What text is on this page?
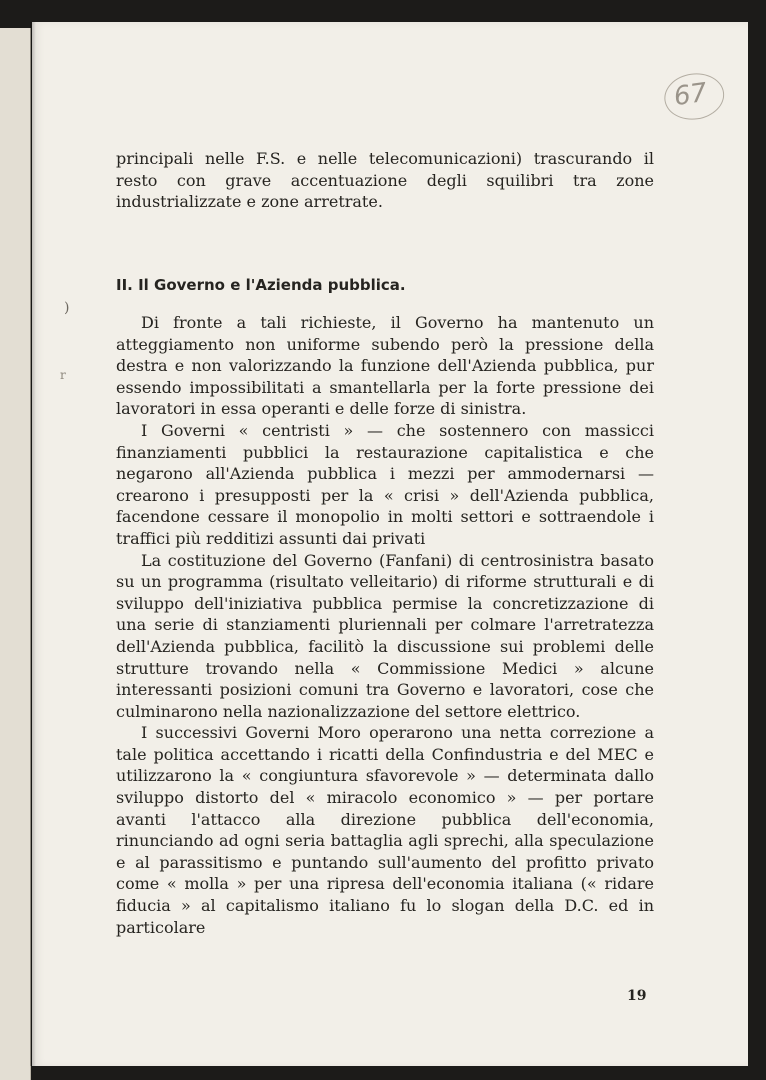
67

principali nelle F.S. e nelle telecomunicazioni) trascurando il resto con grave accentuazione degli squilibri tra zone industrializzate e zone arretrate.

II. Il Governo e l'Azienda pubblica.
)
r

Di fronte a tali richieste, il Governo ha mantenuto un atteggiamento non uniforme subendo però la pressione della destra e non valorizzando la funzione dell'Azienda pubblica, pur essendo impossibilitati a smantellarla per la forte pressione dei lavoratori in essa operanti e delle forze di sinistra.

I Governi « centristi » — che sostennero con massicci finanziamenti pubblici la restaurazione capitalistica e che negarono all'Azienda pubblica i mezzi per ammodernarsi — crearono i presupposti per la « crisi » dell'Azienda pubblica, facendone cessare il monopolio in molti settori e sottraendole i traffici più redditizi assunti dai privati

La costituzione del Governo (Fanfani) di centrosinistra basato su un programma (risultato velleitario) di riforme strutturali e di sviluppo dell'iniziativa pubblica permise la concretizzazione di una serie di stanziamenti pluriennali per colmare l'arretratezza dell'Azienda pubblica, facilitò la discussione sui problemi delle strutture trovando nella « Commissione Medici » alcune interessanti posizioni comuni tra Governo e lavoratori, cose che culminarono nella nazionalizzazione del settore elettrico.

I successivi Governi Moro operarono una netta correzione a tale politica accettando i ricatti della Confindustria e del MEC e utilizzarono la « congiuntura sfavorevole » — determinata dallo sviluppo distorto del « miracolo economico » — per portare avanti l'attacco alla direzione pubblica dell'economia, rinunciando ad ogni seria battaglia agli sprechi, alla speculazione e al parassitismo e puntando sull'aumento del profitto privato come « molla » per una ripresa dell'economia italiana (« ridare fiducia » al capitalismo italiano fu lo slogan della D.C. ed in particolare

19
